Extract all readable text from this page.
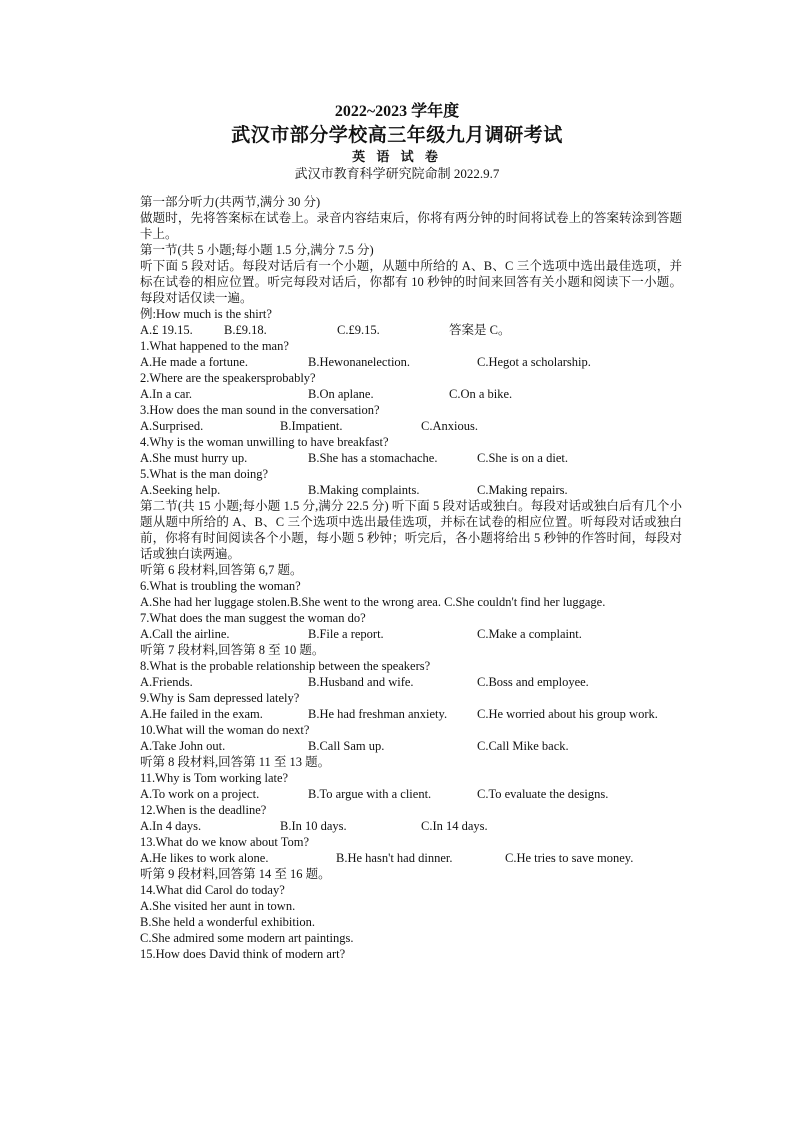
2022~2023 学年度
武汉市部分学校高三年级九月调研考试
英 语 试 卷
武汉市教育科学研究院命制 2022.9.7
第一部分听力(共两节,满分 30 分)
做题时，先将答案标在试卷上。录音内容结束后，你将有两分钟的时间将试卷上的答案转涂到答题卡上。
第一节(共 5 小题;每小题 1.5 分,满分 7.5 分)
听下面 5 段对话。每段对话后有一个小题，从题中所给的 A、B、C 三个选项中选出最佳选项，并标在试卷的相应位置。听完每段对话后，你都有 10 秒钟的时间来回答有关小题和阅读下一小题。每段对话仅读一遍。
例:How much is the shirt?
A.£ 19.15. B.£9.18.	C.£9.15.	答案是 C。
1.What happened to the man?
A.He made a fortune.	B.Hewonanelection.	C.Hegot a scholarship.
2.Where are the speakersprobably?
A.In a car.	B.On aplane.	C.On a bike.
3.How does the man sound in the conversation?
A.Surprised.	B.Impatient.	C.Anxious.
4.Why is the woman unwilling to have breakfast?
A.She must hurry up.	B.She has a stomachache.	C.She is on a diet.
5.What is the man doing?
A.Seeking help.	B.Making complaints.	C.Making repairs.
第二节(共 15 小题;每小题 1.5 分,满分 22.5 分) 听下面 5 段对话或独白。每段对话或独白后有几个小题从题中所给的 A、B、C 三个选项中选出最佳选项，并标在试卷的相应位置。听每段对话或独白前，你将有时间阅读各个小题，每小题 5 秒钟；听完后，各小题将给出 5 秒钟的作答时间，每段对话或独白读两遍。
听第 6 段材料,回答第 6,7 题。
6.What is troubling the woman?
A.She had her luggage stolen.B.She went to the wrong area. C.She couldn't find her luggage.
7.What does the man suggest the woman do?
A.Call the airline.	B.File a report.	C.Make a complaint.
听第 7 段材料,回答第 8 至 10 题。
8.What is the probable relationship between the speakers?
A.Friends.	B.Husband and wife.	C.Boss and employee.
9.Why is Sam depressed lately?
A.He failed in the exam.	B.He had freshman anxiety. C.He worried about his group work.
10.What will the woman do next?
A.Take John out.	B.Call Sam up.	C.Call Mike back.
听第 8 段材料,回答第 11 至 13 题。
11.Why is Tom working late?
A.To work on a project.	B.To argue with a client.	C.To evaluate the designs.
12.When is the deadline?
A.In 4 days.	B.In 10 days.	C.In 14 days.
13.What do we know about Tom?
A.He likes to work alone.	B.He hasn't had dinner.	C.He tries to save money.
听第 9 段材料,回答第 14 至 16 题。
14.What did Carol do today?
A.She visited her aunt in town.
B.She held a wonderful exhibition.
C.She admired some modern art paintings.
15.How does David think of modern art?
